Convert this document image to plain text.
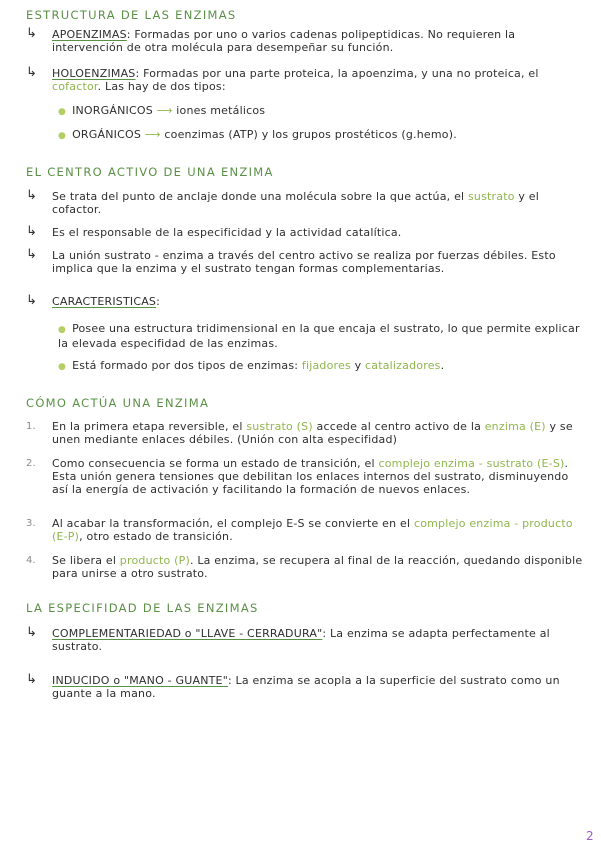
ESTRUCTURA DE LAS ENZIMAS
↳ APOENZIMAS: Formadas por uno o varios cadenas polipeptidicas. No requieren la intervención de otra molécula para desempeñar su función.
↳ HOLOENZIMAS: Formadas por una parte proteica, la apoenzima, y una no proteica, el cofactor. Las hay de dos tipos:
● INORGÁNICOS ⟶ iones metálicos
● ORGÁNICOS ⟶ coenzimas (ATP) y los grupos prostéticos (g.hemo).
EL CENTRO ACTIVO DE UNA ENZIMA
↳ Se trata del punto de anclaje donde una molécula sobre la que actúa, el sustrato y el cofactor.
↳ Es el responsable de la especificidad y la actividad catalítica.
↳ La unión sustrato - enzima a través del centro activo se realiza por fuerzas débiles. Esto implica que la enzima y el sustrato tengan formas complementarias.
↳ CARACTERISTICAS:
● Posee una estructura tridimensional en la que encaja el sustrato, lo que permite explicar la elevada especifidad de las enzimas.
● Está formado por dos tipos de enzimas: fijadores y catalizadores.
CÓMO ACTÚA UNA ENZIMA
1. En la primera etapa reversible, el sustrato (S) accede al centro activo de la enzima (E) y se unen mediante enlaces débiles. (Unión con alta especifidad)
2. Como consecuencia se forma un estado de transición, el complejo enzima - sustrato (E-S). Esta unión genera tensiones que debilitan los enlaces internos del sustrato, disminuyendo así la energía de activación y facilitando la formación de nuevos enlaces.
3. Al acabar la transformación, el complejo E-S se convierte en el complejo enzima - producto (E-P), otro estado de transición.
4. Se libera el producto (P). La enzima, se recupera al final de la reacción, quedando disponible para unirse a otro sustrato.
LA ESPECIFIDAD DE LAS ENZIMAS
↳ COMPLEMENTARIEDAD o "LLAVE - CERRADURA": La enzima se adapta perfectamente al sustrato.
↳ INDUCIDO o "MANO - GUANTE": La enzima se acopla a la superficie del sustrato como un guante a la mano.
2
